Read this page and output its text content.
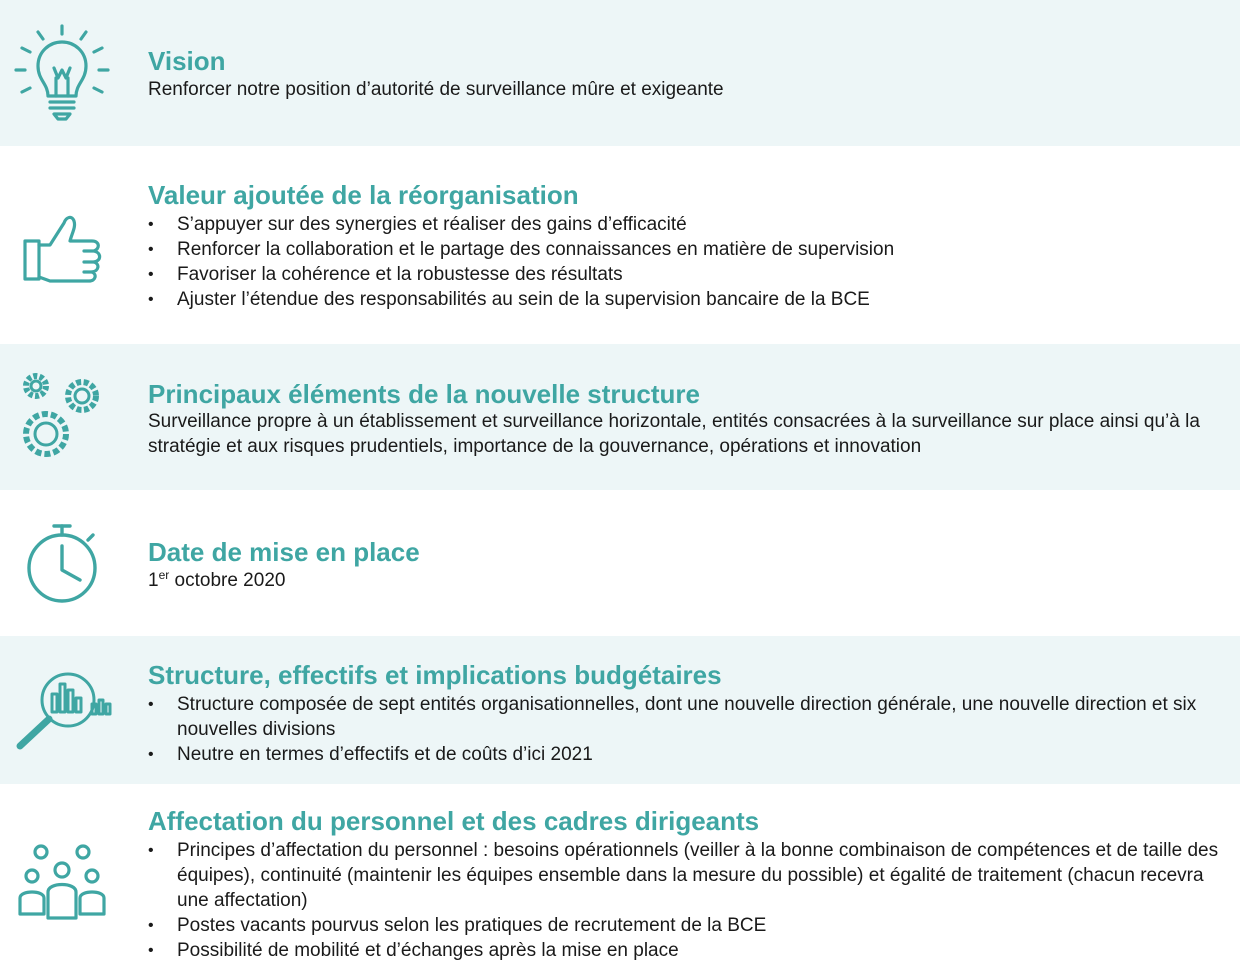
Vision

Renforcer notre position d’autorité de surveillance mûre et exigeante

Valeur ajoutée de la réorganisation
• S’appuyer sur des synergies et réaliser des gains d’efficacité
• Renforcer la collaboration et le partage des connaissances en matière de supervision
• Favoriser la cohérence et la robustesse des résultats
• Ajuster l’étendue des responsabilités au sein de la supervision bancaire de la BCE
Principaux éléments de la nouvelle structure

Surveillance propre à un établissement et surveillance horizontale, entités consacrées à la surveillance sur place ainsi qu’à la stratégie et aux risques prudentiels, importance de la gouvernance, opérations et innovation

Date de mise en place

1er octobre 2020

Structure, effectifs et implications budgétaires
• Structure composée de sept entités organisationnelles, dont une nouvelle direction générale, une nouvelle direction et six nouvelles divisions
• Neutre en termes d’effectifs et de coûts d’ici 2021
Affectation du personnel et des cadres dirigeants
• Principes d’affectation du personnel : besoins opérationnels (veiller à la bonne combinaison de compétences et de taille des équipes), continuité (maintenir les équipes ensemble dans la mesure du possible) et égalité de traitement (chacun recevra une affectation)
• Postes vacants pourvus selon les pratiques de recrutement de la BCE
• Possibilité de mobilité et d’échanges après la mise en place
